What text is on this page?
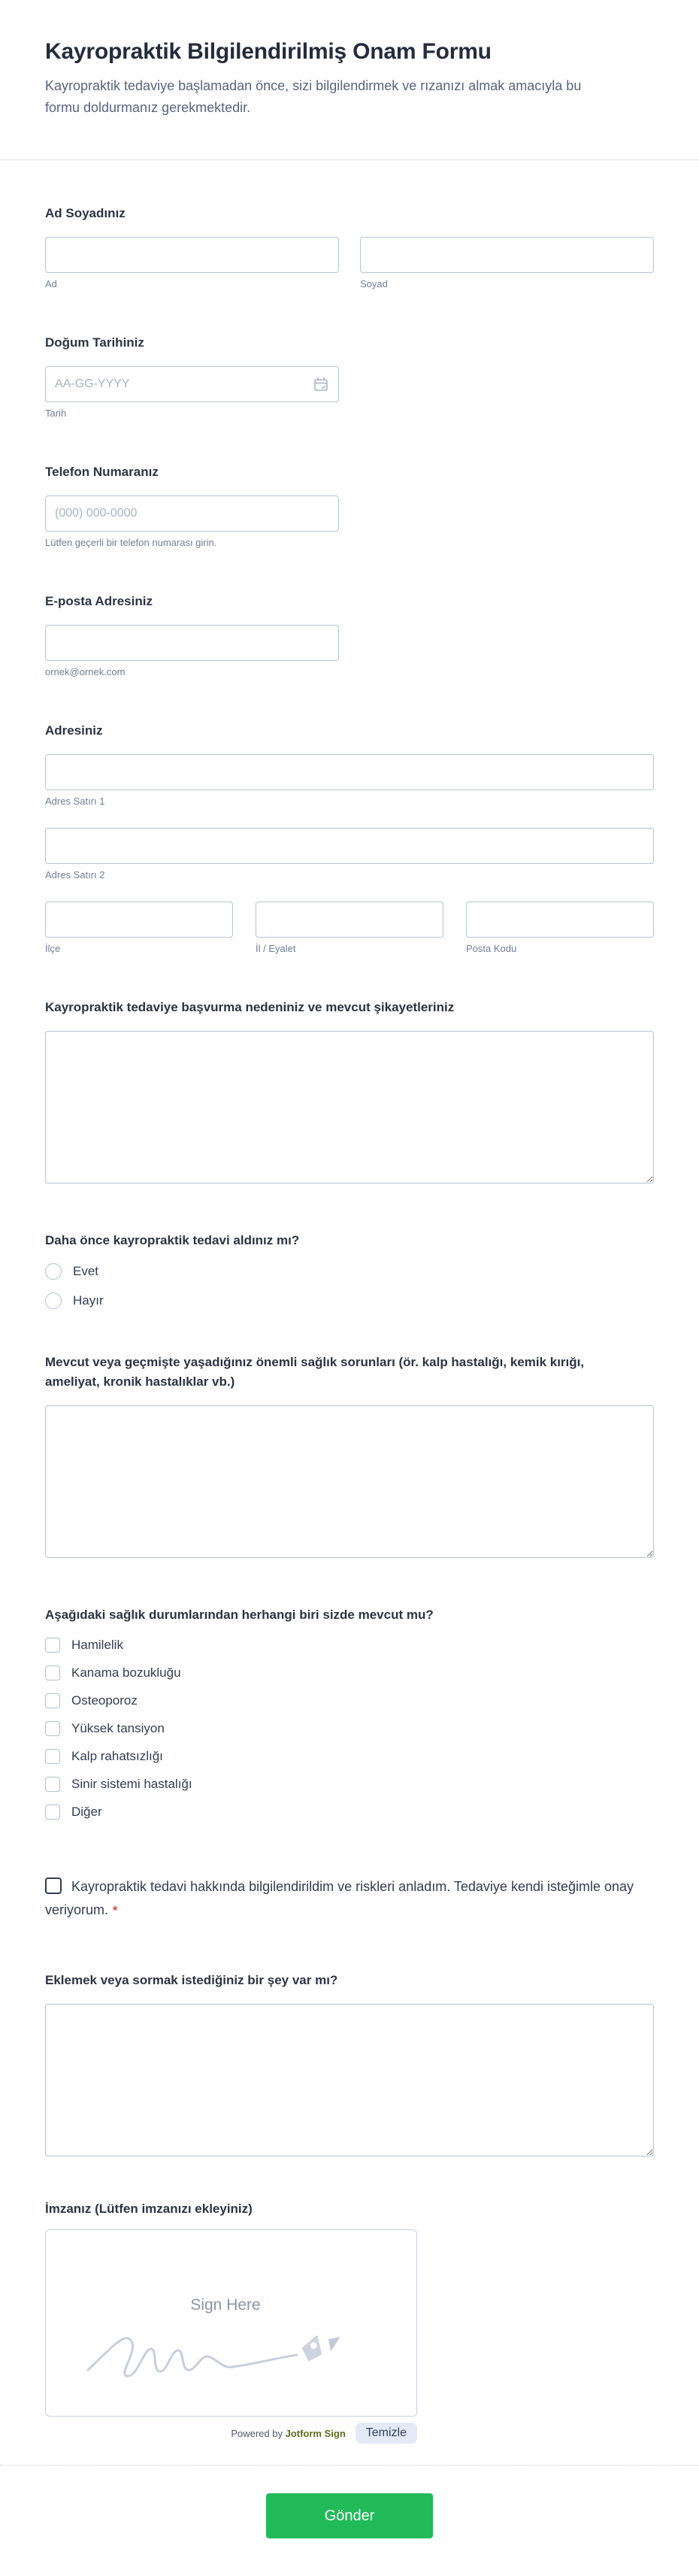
Kayropraktik Bilgilendirilmiş Onam Formu

Kayropraktik tedaviye başlamadan önce, sizi bilgilendirmek ve rızanızı almak amacıyla bu formu doldurmanız gerekmektedir.

Ad Soyadınız
Ad	Soyad
Doğum Tarihiniz
AA-GG-YYYY
Tarih
Telefon Numaranız
(000) 000-0000
Lütfen geçerli bir telefon numarası girin.
E-posta Adresiniz
ornek@ornek.com
Adresiniz
Adres Satırı 1
Adres Satırı 2
İlçe	İl / Eyalet	Posta Kodu
Kayropraktik tedaviye başvurma nedeniniz ve mevcut şikayetleriniz
Daha önce kayropraktik tedavi aldınız mı?
Evet
Hayır
Mevcut veya geçmişte yaşadığınız önemli sağlık sorunları (ör. kalp hastalığı, kemik kırığı, ameliyat, kronik hastalıklar vb.)
Aşağıdaki sağlık durumlarından herhangi biri sizde mevcut mu?
Hamilelik
Kanama bozukluğu
Osteoporoz
Yüksek tansiyon
Kalp rahatsızlığı
Sinir sistemi hastalığı
Diğer
Kayropraktik tedavi hakkında bilgilendirildim ve riskleri anladım. Tedaviye kendi isteğimle onay veriyorum. *
Eklemek veya sormak istediğiniz bir şey var mı?
İmzanız (Lütfen imzanızı ekleyiniz)
Sign Here
Powered by Jotform Sign	Temizle
Gönder
